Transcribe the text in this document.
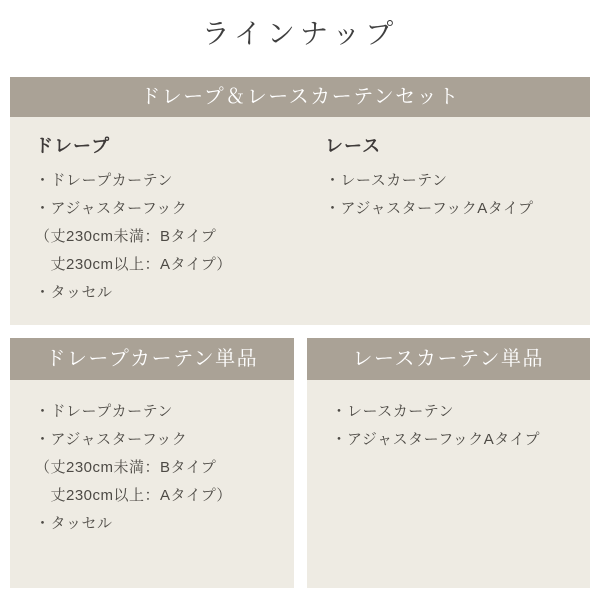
ラインナップ
ドレープ＆レースカーテンセット
ドレープ
・ドレープカーテン
・アジャスターフック
（丈230cm未満：Bタイプ
　丈230cm以上：Aタイプ）
・タッセル
レース
・レースカーテン
・アジャスターフックAタイプ
ドレープカーテン単品
・ドレープカーテン
・アジャスターフック
（丈230cm未満：Bタイプ
　丈230cm以上：Aタイプ）
・タッセル
レースカーテン単品
・レースカーテン
・アジャスターフックAタイプ
